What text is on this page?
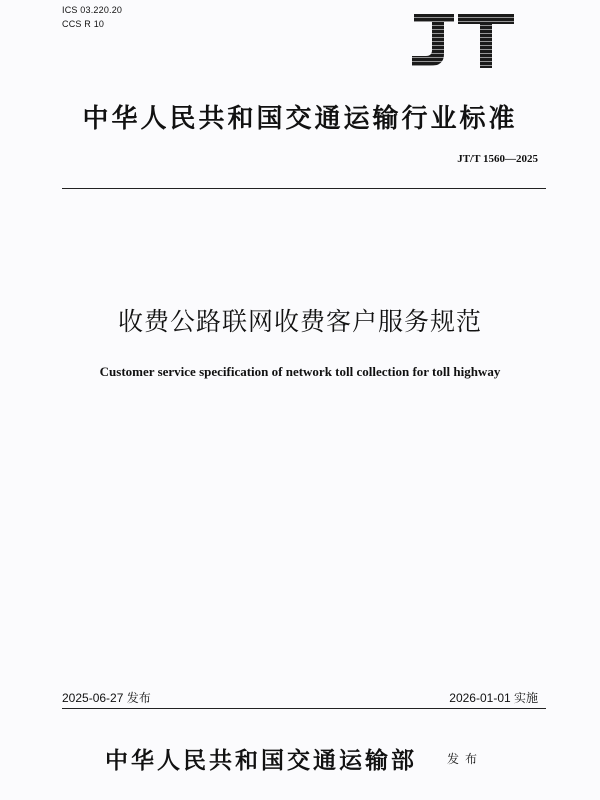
ICS 03.220.20
CCS R 10
中华人民共和国交通运输行业标准
JT/T 1560—2025
收费公路联网收费客户服务规范
Customer service specification of network toll collection for toll highway
2025-06-27 发布	2026-01-01 实施
中华人民共和国交通运输部	发布
